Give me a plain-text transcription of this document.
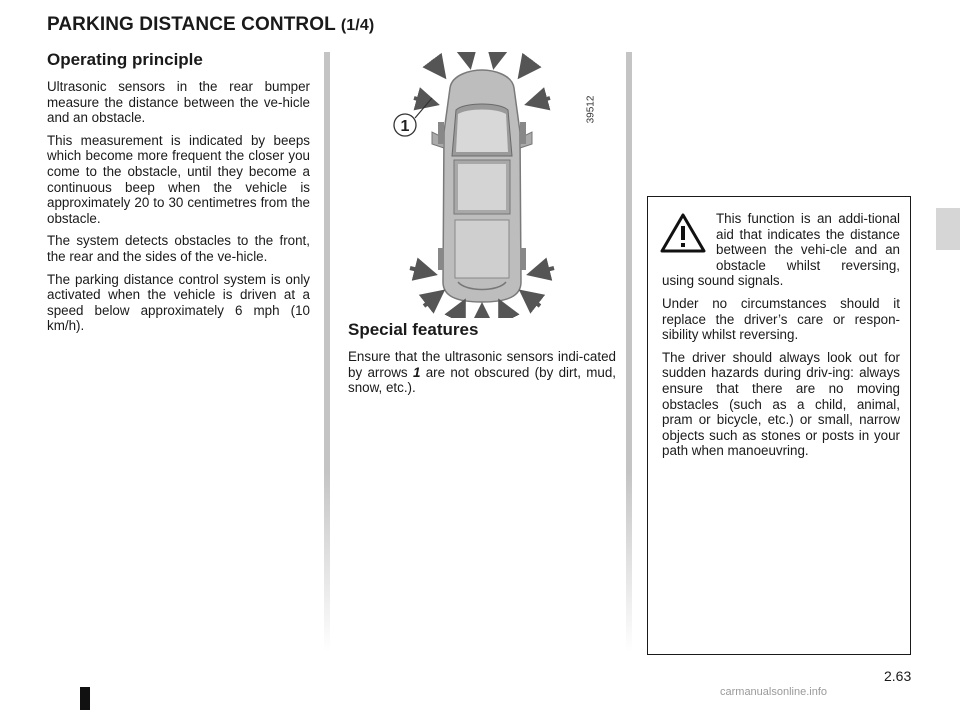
PARKING DISTANCE CONTROL (1/4)
Operating principle

Ultrasonic sensors in the rear bumper measure the distance between the ve-hicle and an obstacle.

This measurement is indicated by beeps which become more frequent the closer you come to the obstacle, until they become a continuous beep when the vehicle is approximately 20 to 30 centimetres from the obstacle.

The system detects obstacles to the front, the rear and the sides of the ve-hicle.

The parking distance control system is only activated when the vehicle is driven at a speed below approximately 6 mph (10 km/h).

1
39512
Special features

Ensure that the ultrasonic sensors indi-cated by arrows 1 are not obscured (by dirt, mud, snow, etc.).

This function is an addi-tional aid that indicates the distance between the vehi-cle and an obstacle whilst reversing, using sound signals.

Under no circumstances should it replace the driver’s care or respon-sibility whilst reversing.

The driver should always look out for sudden hazards during driv-ing: always ensure that there are no moving obstacles (such as a child, animal, pram or bicycle, etc.) or small, narrow objects such as stones or posts in your path when manoeuvring.

2.63
carmanualsonline.info
